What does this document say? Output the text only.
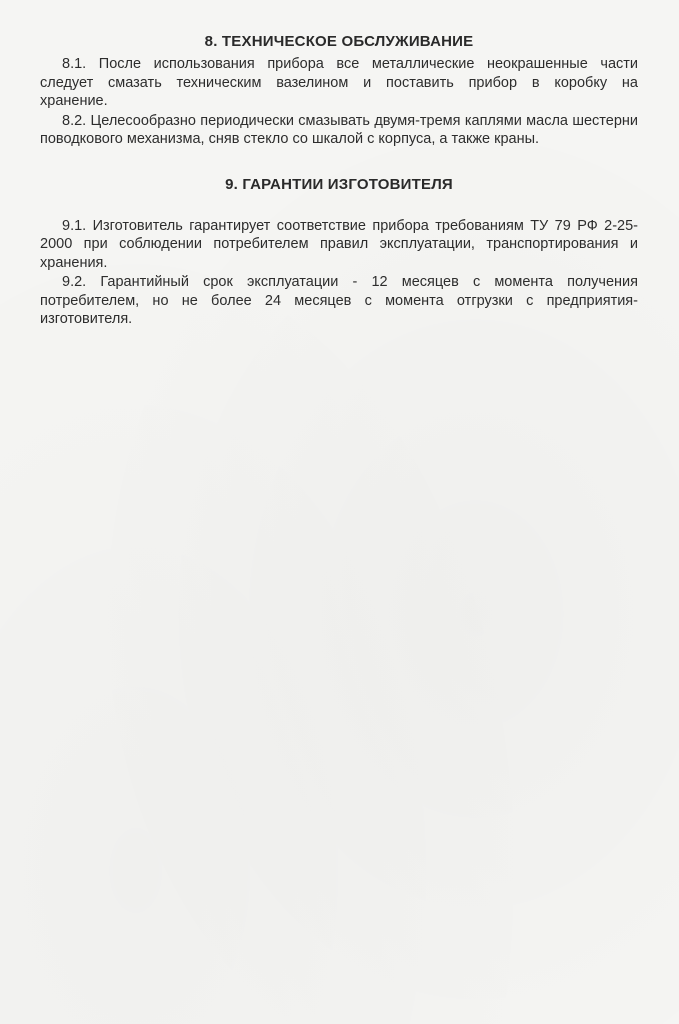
8. ТЕХНИЧЕСКОЕ ОБСЛУЖИВАНИЕ

8.1. После использования прибора все металлические неокрашенные части следует смазать техническим вазелином и поставить прибор в коробку на хранение.

8.2. Целесообразно периодически смазывать двумя-тремя каплями масла шестерни поводкового механизма, сняв стекло со шкалой с корпуса, а также краны.

9. ГАРАНТИИ ИЗГОТОВИТЕЛЯ

9.1. Изготовитель гарантирует соответствие прибора требованиям ТУ 79 РФ 2-25-2000 при соблюдении потребителем правил эксплуатации, транспортирования и хранения.

9.2. Гарантийный срок эксплуатации - 12 месяцев с момента получения потребителем, но не более 24 месяцев с момента отгрузки с предприятия-изготовителя.
